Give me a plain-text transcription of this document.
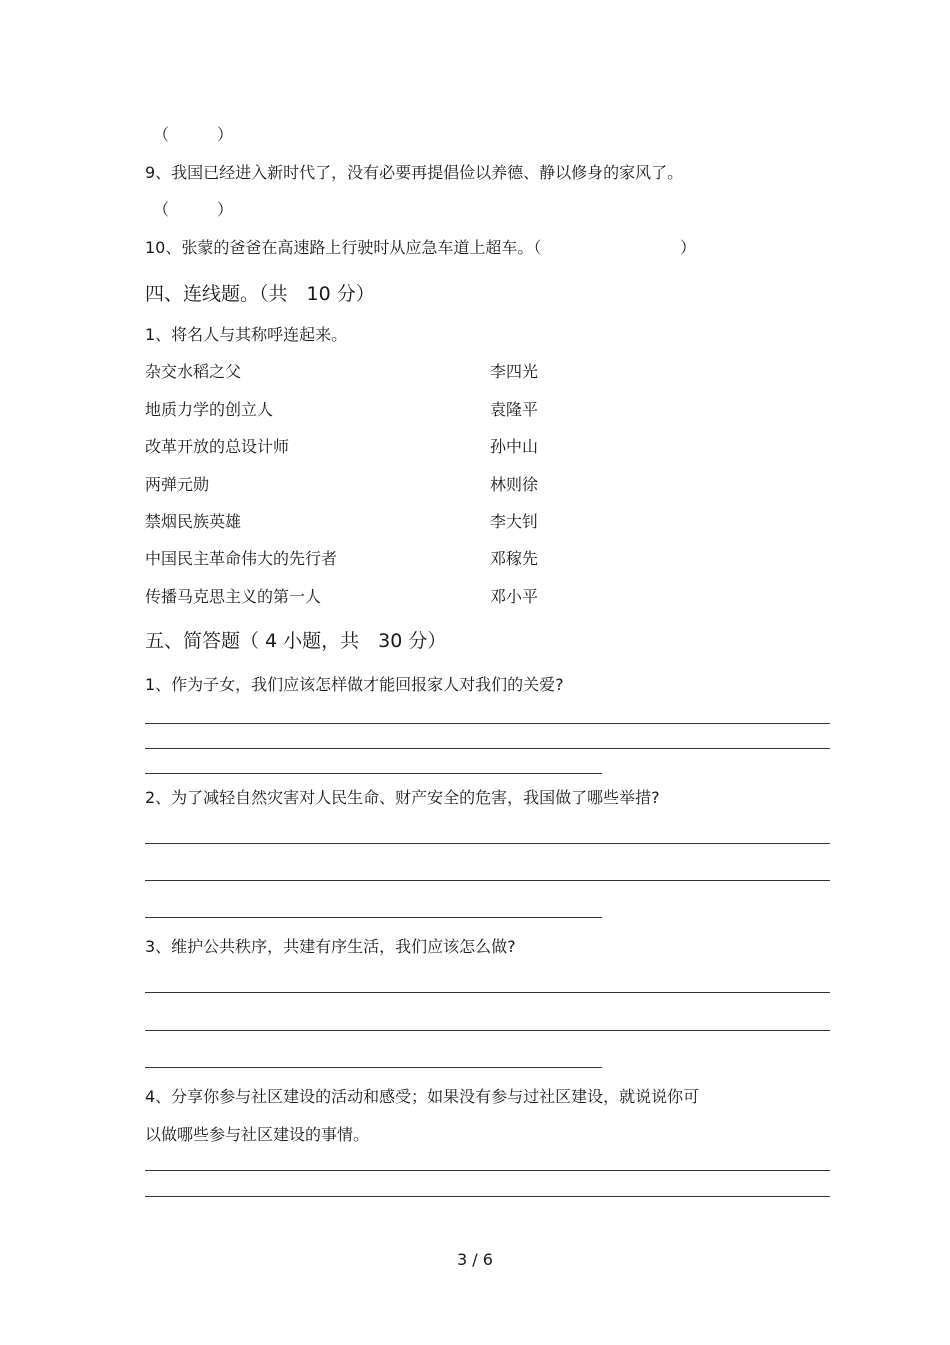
（　　　）
9、我国已经进入新时代了，没有必要再提倡俭以养德、静以修身的家风了。
（　　　）
10、张蒙的爸爸在高速路上行驶时从应急车道上超车。（	）
四、连线题。（共　10 分）
1、将名人与其称呼连起来。
杂交水稻之父	李四光
地质力学的创立人	袁隆平
改革开放的总设计师	孙中山
两弹元勋	林则徐
禁烟民族英雄	李大钊
中国民主革命伟大的先行者	邓稼先
传播马克思主义的第一人	邓小平
五、简答题（ 4 小题，共　30 分）
1、作为子女，我们应该怎样做才能回报家人对我们的关爱?
2、为了减轻自然灾害对人民生命、财产安全的危害，我国做了哪些举措?
3、维护公共秩序，共建有序生活，我们应该怎么做?
4、分享你参与社区建设的活动和感受；如果没有参与过社区建设，就说说你可
以做哪些参与社区建设的事情。
3 / 6
